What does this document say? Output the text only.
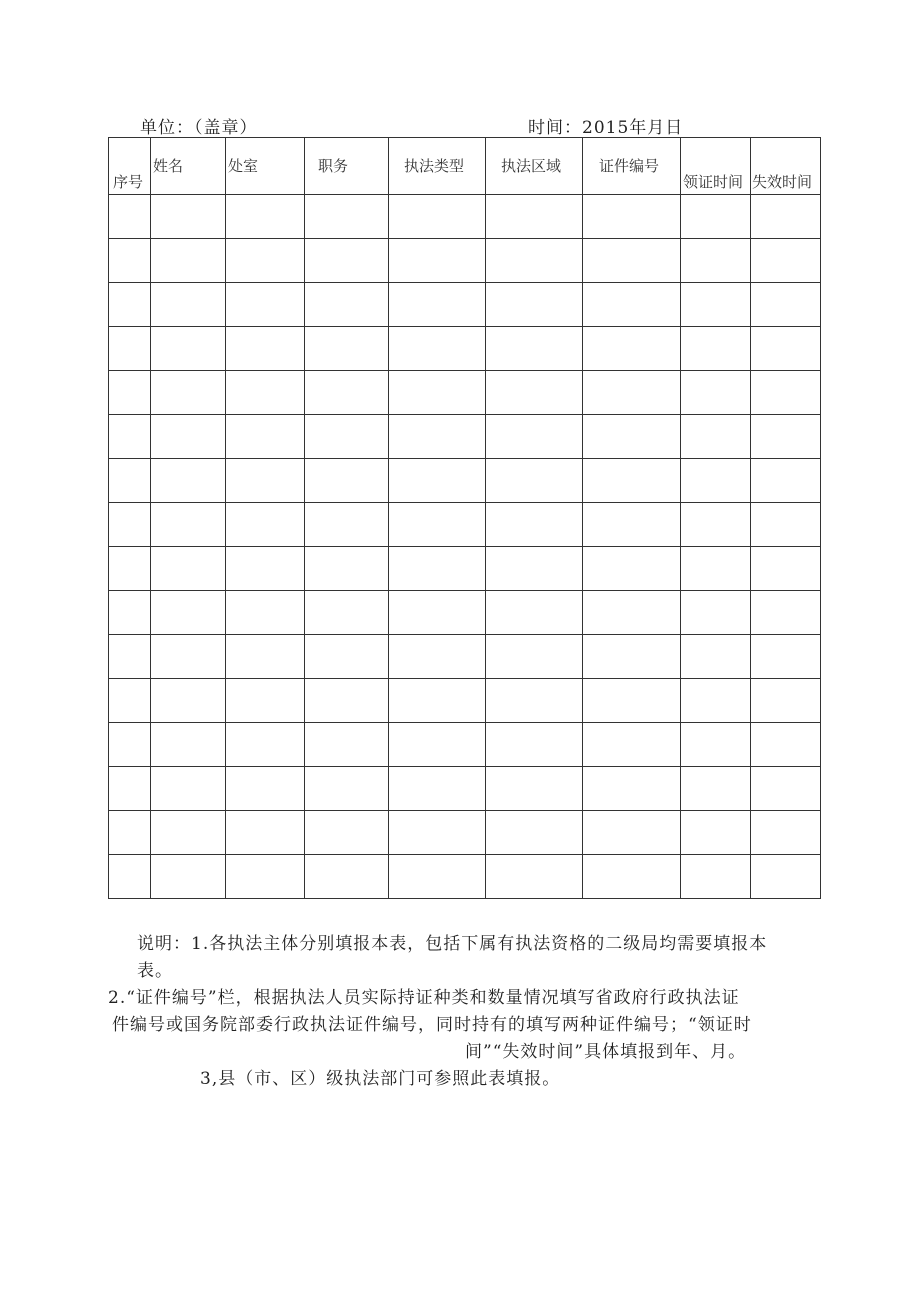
单位：（盖章）	时间：2015年月日
序号	姓名	处室	职务	执法类型	执法区域	证件编号	领证时间	失效时间

说明：1.各执法主体分别填报本表，包括下属有执法资格的二级局均需要填报本
表。
2.“证件编号”栏，根据执法人员实际持证种类和数量情况填写省政府行政执法证
件编号或国务院部委行政执法证件编号，同时持有的填写两种证件编号；“领证时
间”“失效时间”具体填报到年、月。
3,县（市、区）级执法部门可参照此表填报。
